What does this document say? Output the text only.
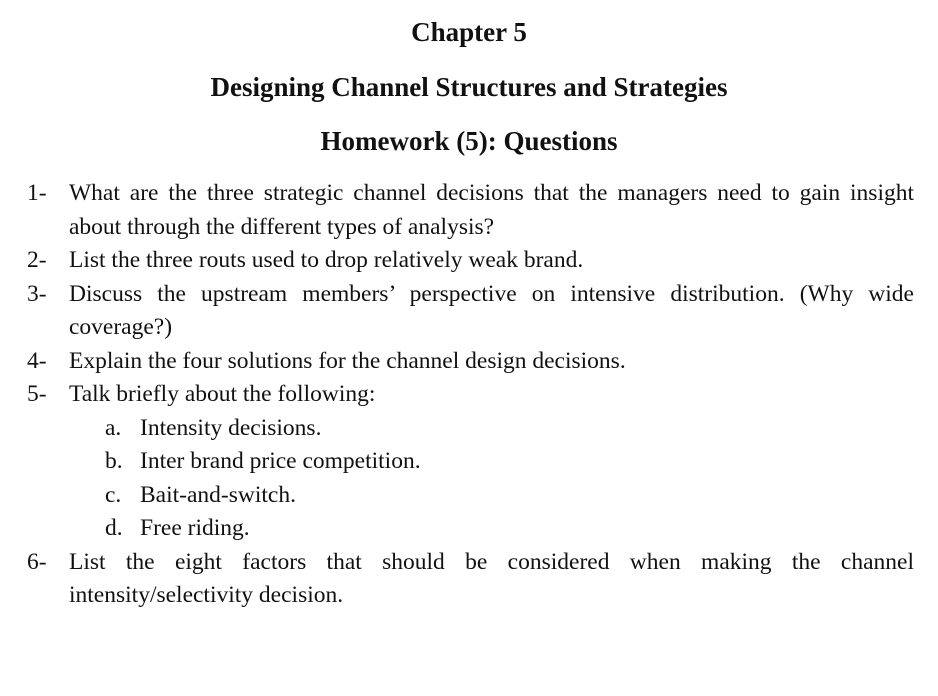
Chapter 5
Designing Channel Structures and Strategies
Homework (5): Questions
1- What are the three strategic channel decisions that the managers need to gain insight about through the different types of analysis?
2- List the three routs used to drop relatively weak brand.
3- Discuss the upstream members’ perspective on intensive distribution. (Why wide coverage?)
4- Explain the four solutions for the channel design decisions.
5- Talk briefly about the following:
a. Intensity decisions.
b. Inter brand price competition.
c. Bait-and-switch.
d. Free riding.
6- List the eight factors that should be considered when making the channel intensity/selectivity decision.
